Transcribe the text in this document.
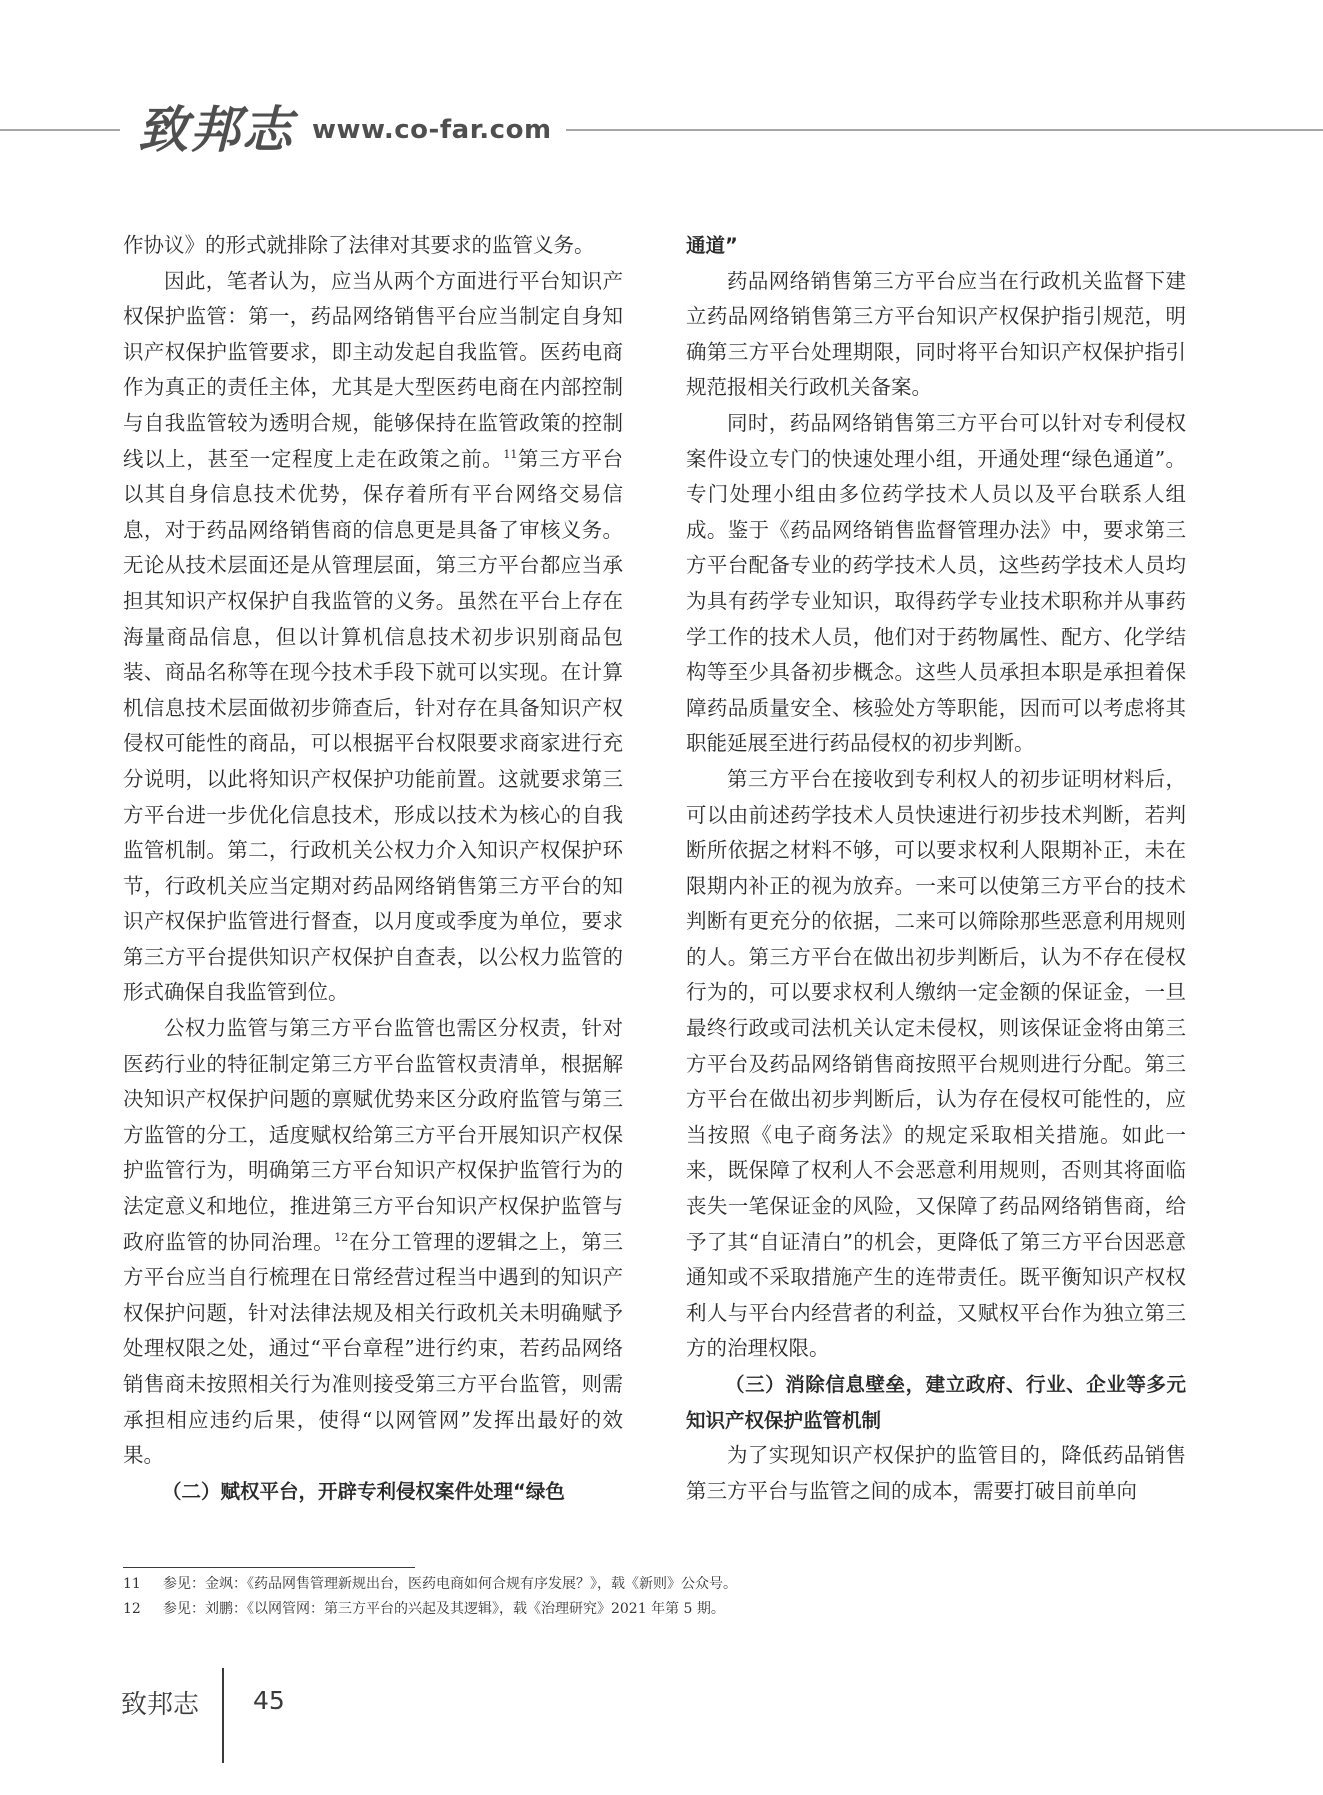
致邦志 www.co-far.com

作协议》的形式就排除了法律对其要求的监管义务。

因此，笔者认为，应当从两个方面进行平台知识产权保护监管：第一，药品网络销售平台应当制定自身知识产权保护监管要求，即主动发起自我监管。医药电商作为真正的责任主体，尤其是大型医药电商在内部控制与自我监管较为透明合规，能够保持在监管政策的控制线以上，甚至一定程度上走在政策之前。$^{11}$第三方平台以其自身信息技术优势，保存着所有平台网络交易信息，对于药品网络销售商的信息更是具备了审核义务。无论从技术层面还是从管理层面，第三方平台都应当承担其知识产权保护自我监管的义务。虽然在平台上存在海量商品信息，但以计算机信息技术初步识别商品包装、商品名称等在现今技术手段下就可以实现。在计算机信息技术层面做初步筛查后，针对存在具备知识产权侵权可能性的商品，可以根据平台权限要求商家进行充分说明，以此将知识产权保护功能前置。这就要求第三方平台进一步优化信息技术，形成以技术为核心的自我监管机制。第二，行政机关公权力介入知识产权保护环节，行政机关应当定期对药品网络销售第三方平台的知识产权保护监管进行督查，以月度或季度为单位，要求第三方平台提供知识产权保护自查表，以公权力监管的形式确保自我监管到位。

公权力监管与第三方平台监管也需区分权责，针对医药行业的特征制定第三方平台监管权责清单，根据解决知识产权保护问题的禀赋优势来区分政府监管与第三方监管的分工，适度赋权给第三方平台开展知识产权保护监管行为，明确第三方平台知识产权保护监管行为的法定意义和地位，推进第三方平台知识产权保护监管与政府监管的协同治理。$^{12}$在分工管理的逻辑之上，第三方平台应当自行梳理在日常经营过程当中遇到的知识产权保护问题，针对法律法规及相关行政机关未明确赋予处理权限之处，通过“平台章程”进行约束，若药品网络销售商未按照相关行为准则接受第三方平台监管，则需承担相应违约后果，使得“以网管网”发挥出最好的效果。

（二）赋权平台，开辟专利侵权案件处理“绿色

通道”

药品网络销售第三方平台应当在行政机关监督下建立药品网络销售第三方平台知识产权保护指引规范，明确第三方平台处理期限，同时将平台知识产权保护指引规范报相关行政机关备案。

同时，药品网络销售第三方平台可以针对专利侵权案件设立专门的快速处理小组，开通处理“绿色通道”。专门处理小组由多位药学技术人员以及平台联系人组成。鉴于《药品网络销售监督管理办法》中，要求第三方平台配备专业的药学技术人员，这些药学技术人员均为具有药学专业知识，取得药学专业技术职称并从事药学工作的技术人员，他们对于药物属性、配方、化学结构等至少具备初步概念。这些人员承担本职是承担着保障药品质量安全、核验处方等职能，因而可以考虑将其职能延展至进行药品侵权的初步判断。

第三方平台在接收到专利权人的初步证明材料后，可以由前述药学技术人员快速进行初步技术判断，若判断所依据之材料不够，可以要求权利人限期补正，未在限期内补正的视为放弃。一来可以使第三方平台的技术判断有更充分的依据，二来可以筛除那些恶意利用规则的人。第三方平台在做出初步判断后，认为不存在侵权行为的，可以要求权利人缴纳一定金额的保证金，一旦最终行政或司法机关认定未侵权，则该保证金将由第三方平台及药品网络销售商按照平台规则进行分配。第三方平台在做出初步判断后，认为存在侵权可能性的，应当按照《电子商务法》的规定采取相关措施。如此一来，既保障了权利人不会恶意利用规则，否则其将面临丧失一笔保证金的风险，又保障了药品网络销售商，给予了其“自证清白”的机会，更降低了第三方平台因恶意通知或不采取措施产生的连带责任。既平衡知识产权权利人与平台内经营者的利益，又赋权平台作为独立第三方的治理权限。

（三）消除信息壁垒，建立政府、行业、企业等多元知识产权保护监管机制

为了实现知识产权保护的监管目的，降低药品销售第三方平台与监管之间的成本，需要打破目前单向

11 参见：金飒：《药品网售管理新规出台，医药电商如何合规有序发展？》，载《新则》公众号。
12 参见：刘鹏：《以网管网：第三方平台的兴起及其逻辑》，载《治理研究》2021 年第 5 期。
致邦志 45
